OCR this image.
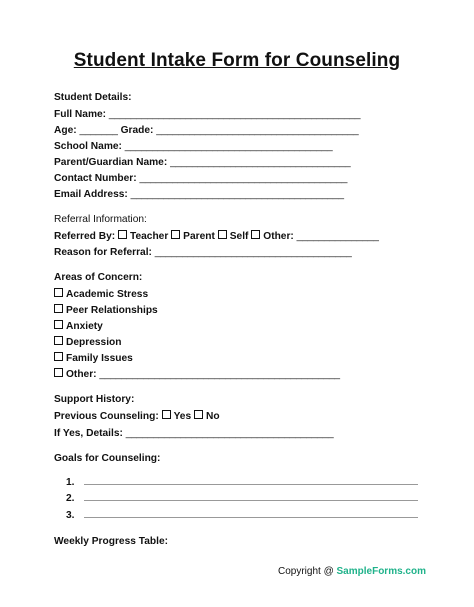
Student Intake Form for Counseling
Student Details:
Full Name: ______________________________________________
Age: _______ Grade: _____________________________________
School Name: ______________________________________
Parent/Guardian Name: _________________________________
Contact Number: ______________________________________
Email Address: _______________________________________
Referral Information:
Referred By: Teacher Parent Self Other: _______________
Reason for Referral: ____________________________________
Areas of Concern:
Academic Stress
Peer Relationships
Anxiety
Depression
Family Issues
Other: ____________________________________________
Support History:
Previous Counseling: Yes No
If Yes, Details: ______________________________________
Goals for Counseling:
1.
2.
3.
Weekly Progress Table:
Copyright @ SampleForms.com
